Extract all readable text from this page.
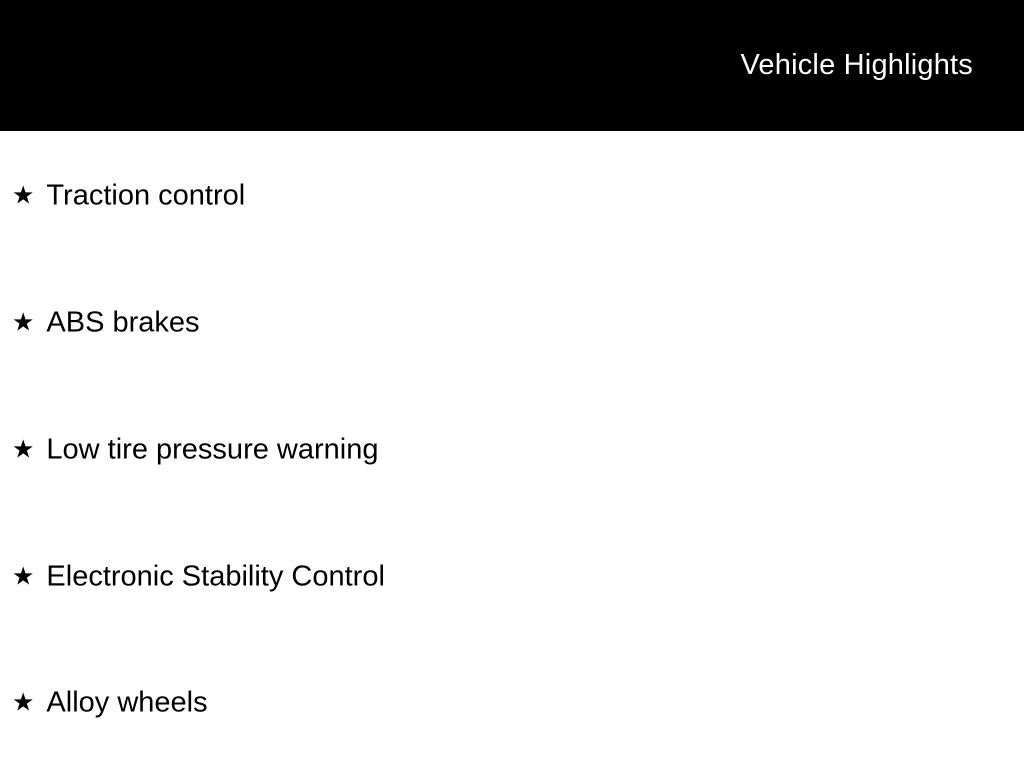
Vehicle Highlights
★ Traction control
★ ABS brakes
★ Low tire pressure warning
★ Electronic Stability Control
★ Alloy wheels
